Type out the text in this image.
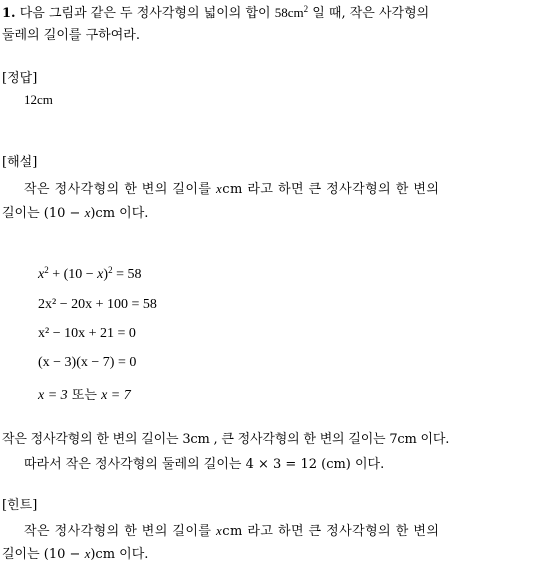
1. 다음 그림과 같은 두 정사각형의 넓이의 합이 $58cm^2$ 일 때, 작은 사각형의
둘레의 길이를 구하여라.
[정답]
12cm
[해설]
작은 정사각형의 한 변의 길이를 xcm 라고 하면 큰 정사각형의 한 변의
길이는 (10 − x)cm 이다.
$x^2 + (10 - x)^2 = 58$
2x² − 20x + 100 = 58
x² − 10x + 21 = 0
(x − 3)(x − 7) = 0
x = 3 또는 x = 7
작은 정사각형의 한 변의 길이는 3cm , 큰 정사각형의 한 변의 길이는 7cm 이다.
따라서 작은 정사각형의 둘레의 길이는 4 × 3 = 12 (cm) 이다.
[힌트]
작은 정사각형의 한 변의 길이를 xcm 라고 하면 큰 정사각형의 한 변의
길이는 (10 − x)cm 이다.
